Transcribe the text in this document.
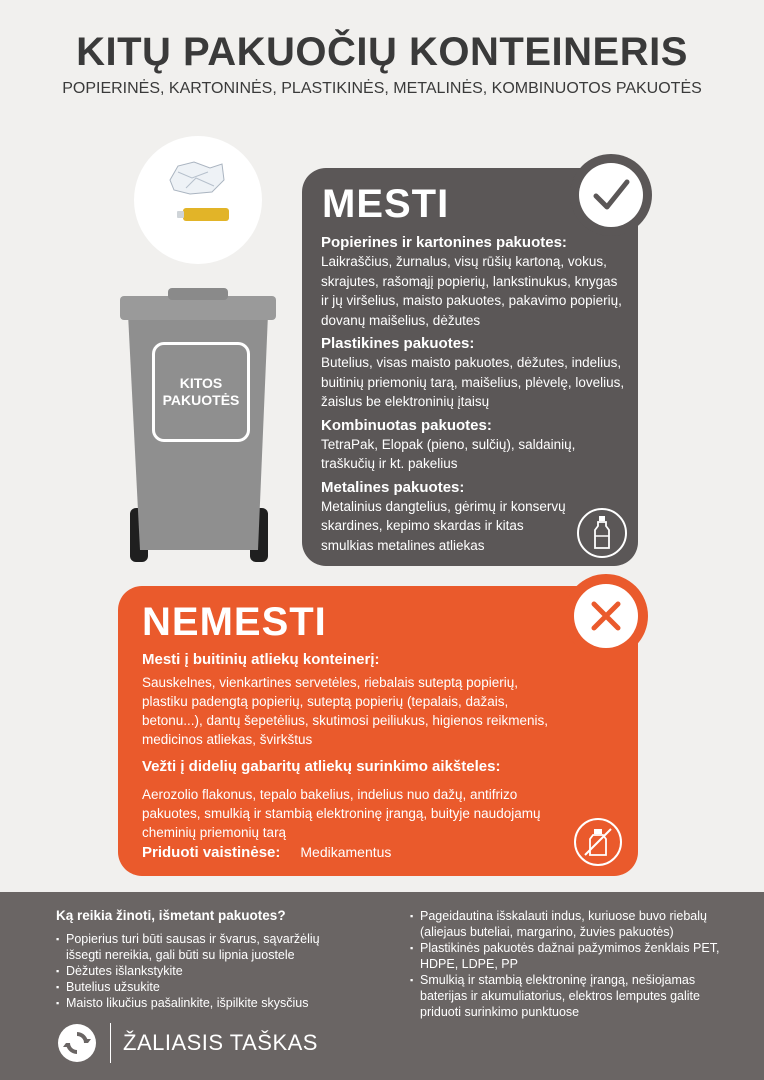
KITŲ PAKUOČIŲ KONTEINERIS
POPIERINĖS, KARTONINĖS, PLASTIKINĖS, METALINĖS, KOMBINUOTOS PAKUOTĖS
KITOS
PAKUOTĖS
MESTI
Popierines ir kartonines pakuotes:
Laikraščius, žurnalus, visų rūšių kartoną, vokus, skrajutes, rašomąjį popierių, lankstinukus, knygas ir jų viršelius, maisto pakuotes, pakavimo popierių, dovanų maišelius, dėžutes
Plastikines pakuotes:
Butelius, visas maisto pakuotes, dėžutes, indelius, buitinių priemonių tarą, maišelius, plėvelę, lovelius, žaislus be elektroninių įtaisų
Kombinuotas pakuotes:
TetraPak, Elopak (pieno, sulčių), saldainių, traškučių ir kt. pakelius
Metalines pakuotes:
Metalinius dangtelius, gėrimų ir konservų skardines, kepimo skardas ir kitas smulkias metalines atliekas
NEMESTI
Mesti į buitinių atliekų konteinerį:
Sauskelnes, vienkartines servetėles, riebalais suteptą popierių, plastiku padengtą popierių, suteptą popierių (tepalais, dažais, betonu...), dantų šepetėlius, skutimosi peiliukus, higienos reikmenis, medicinos atliekas, švirkštus
Vežti į didelių gabaritų atliekų surinkimo aikšteles:
Aerozolio flakonus, tepalo bakelius, indelius nuo dažų, antifrizo pakuotes, smulkią ir stambią elektroninę įrangą, buityje naudojamų cheminių priemonių tarą
Priduoti vaistinėse: Medikamentus
Ką reikia žinoti, išmetant pakuotes?
▪ Popierius turi būti sausas ir švarus, sąvaržėlių išsegti nereikia, gali būti su lipnia juostele
▪ Dėžutes išlankstykite
▪ Butelius užsukite
▪ Maisto likučius pašalinkite, išpilkite skysčius
▪ Pageidautina išskalauti indus, kuriuose buvo riebalų (aliejaus buteliai, margarino, žuvies pakuotės)
▪ Plastikinės pakuotės dažnai pažymimos ženklais PET, HDPE, LDPE, PP
▪ Smulkią ir stambią elektroninę įrangą, nešiojamas baterijas ir akumuliatorius, elektros lemputes galite priduoti surinkimo punktuose
ŽALIASIS TAŠKAS
